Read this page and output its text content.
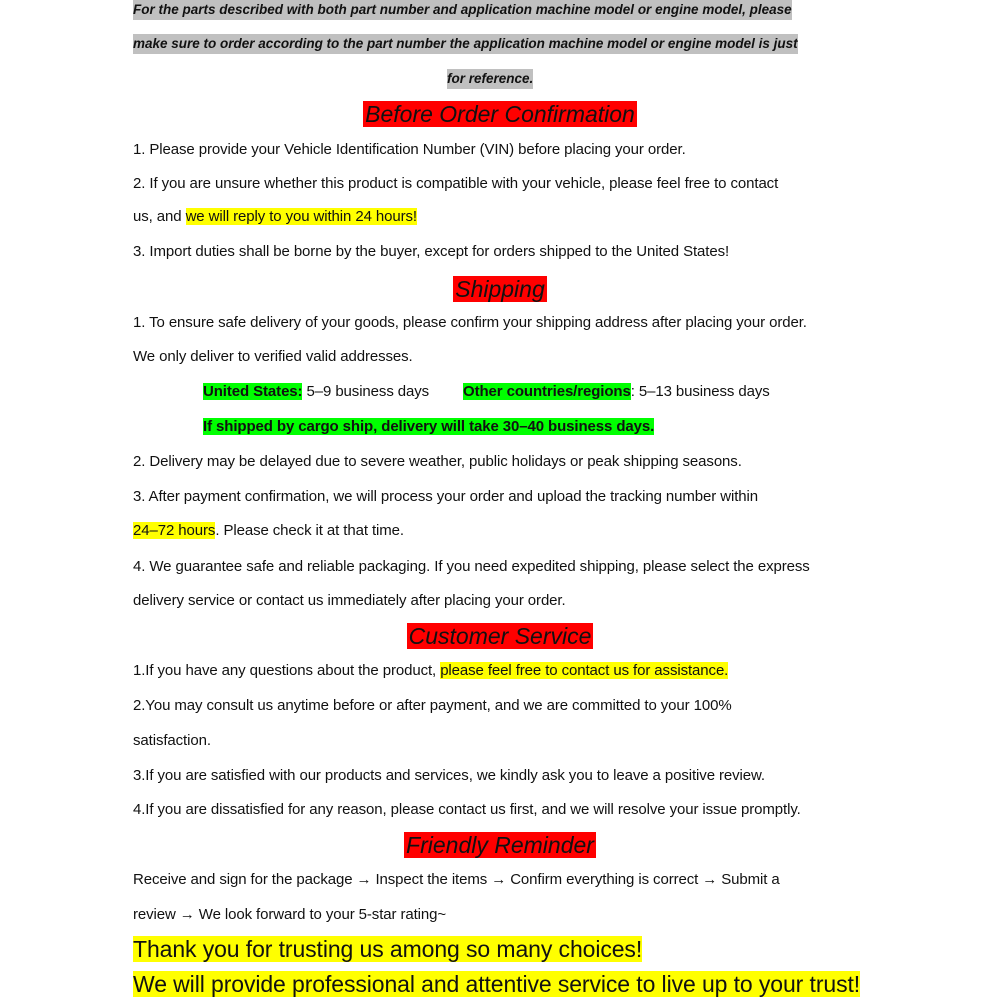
For the parts described with both part number and application machine model or engine model, please
make sure to order according to the part number the application machine model or engine model is just
for reference.
Before Order Confirmation
1. Please provide your Vehicle Identification Number (VIN) before placing your order.
2. If you are unsure whether this product is compatible with your vehicle, please feel free to contact
us, and we will reply to you within 24 hours!
3. Import duties shall be borne by the buyer, except for orders shipped to the United States!
Shipping
1. To ensure safe delivery of your goods, please confirm your shipping address after placing your order.
We only deliver to verified valid addresses.
United States: 5–9 business days Other countries/regions: 5–13 business days
If shipped by cargo ship, delivery will take 30–40 business days.
2. Delivery may be delayed due to severe weather, public holidays or peak shipping seasons.
3. After payment confirmation, we will process your order and upload the tracking number within
24–72 hours. Please check it at that time.
4. We guarantee safe and reliable packaging. If you need expedited shipping, please select the express
delivery service or contact us immediately after placing your order.
Customer Service
1.If you have any questions about the product, please feel free to contact us for assistance.
2.You may consult us anytime before or after payment, and we are committed to your 100%
satisfaction.
3.If you are satisfied with our products and services, we kindly ask you to leave a positive review.
4.If you are dissatisfied for any reason, please contact us first, and we will resolve your issue promptly.
Friendly Reminder
Receive and sign for the package → Inspect the items → Confirm everything is correct → Submit a
review → We look forward to your 5-star rating~
Thank you for trusting us among so many choices!
We will provide professional and attentive service to live up to your trust!
